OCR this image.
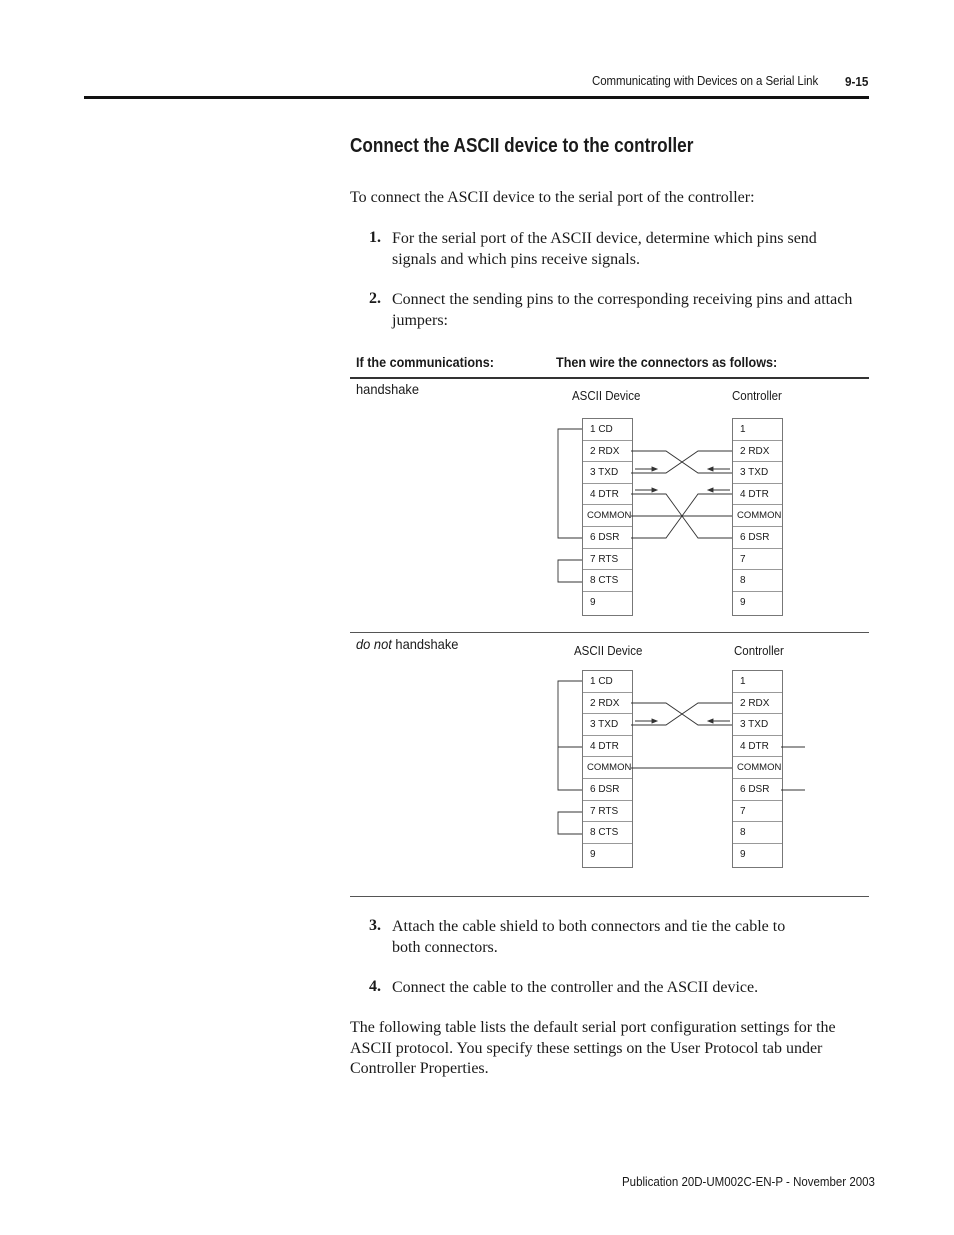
Communicating with Devices on a Serial Link 9-15
Connect the ASCII device to the controller
To connect the ASCII device to the serial port of the controller:
1. For the serial port of the ASCII device, determine which pins send
signals and which pins receive signals.
2. Connect the sending pins to the corresponding receiving pins and attach
jumpers:
If the communications:	Then wire the connectors as follows:
handshake	ASCII Device	Controller
1 CD
2 RDX
3 TXD
4 DTR
COMMON
6 DSR
7 RTS
8 CTS
9
1
2 RDX
3 TXD
4 DTR
COMMON
6 DSR
7
8
9
do not handshake	ASCII Device	Controller
1 CD
2 RDX
3 TXD
4 DTR
COMMON
6 DSR
7 RTS
8 CTS
9
1
2 RDX
3 TXD
4 DTR
COMMON
6 DSR
7
8
9
3. Attach the cable shield to both connectors and tie the cable to
both connectors.
4. Connect the cable to the controller and the ASCII device.
The following table lists the default serial port configuration settings for the
ASCII protocol. You specify these settings on the User Protocol tab under
Controller Properties.
Publication 20D-UM002C-EN-P - November 2003
